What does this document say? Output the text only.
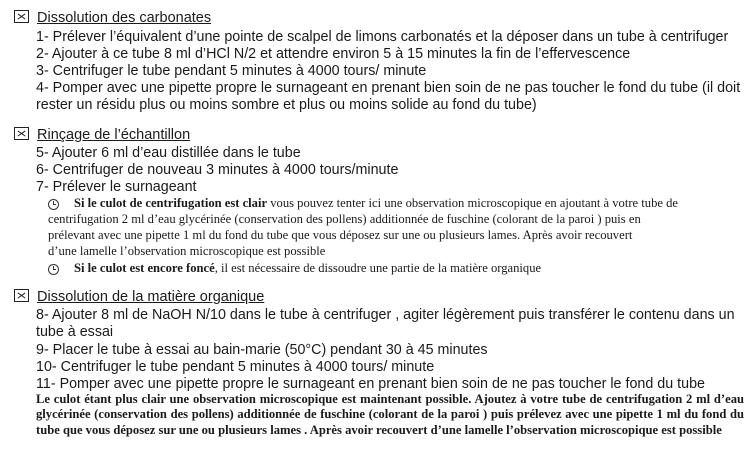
Dissolution des carbonates
1- Prélever l’équivalent d’une pointe de scalpel de limons carbonatés et la déposer dans un tube à centrifuger
2- Ajouter à ce tube 8 ml d’HCl N/2 et attendre environ 5 à 15 minutes la fin de l’effervescence
3- Centrifuger le tube pendant 5 minutes à 4000 tours/ minute
4- Pomper avec une pipette propre le surnageant en prenant bien soin de ne pas toucher le fond du tube (il doit
rester un résidu plus ou moins sombre et plus ou moins solide au fond du tube)
Rinçage de l’échantillon
5- Ajouter 6 ml d’eau distillée dans le tube
6- Centrifuger de nouveau 3 minutes à 4000 tours/minute
7- Prélever le surnageant
Si le culot de centrifugation est clair vous pouvez tenter ici une observation microscopique en ajoutant à votre tube de
centrifugation 2 ml d’eau glycérinée (conservation des pollens) additionnée de fuschine (colorant de la paroi ) puis en
prélevant avec une pipette 1 ml du fond du tube que vous déposez sur une ou plusieurs lames. Après avoir recouvert
d’une lamelle l’observation microscopique est possible
Si le culot est encore foncé, il est nécessaire de dissoudre une partie de la matière organique
Dissolution de la matière organique
8- Ajouter 8 ml de NaOH N/10 dans le tube à centrifuger , agiter légèrement puis transférer le contenu dans un
tube à essai
9- Placer le tube à essai au bain-marie (50°C) pendant 30 à 45 minutes
10- Centrifuger le tube pendant 5 minutes à 4000 tours/ minute
11- Pomper avec une pipette propre le surnageant en prenant bien soin de ne pas toucher le fond du tube
Le culot étant plus clair une observation microscopique est maintenant possible. Ajoutez à votre tube de centrifugation 2 ml d’eau glycérinée (conservation des pollens) additionnée de fuschine (colorant de la paroi ) puis prélevez avec une pipette 1 ml du fond du tube que vous déposez sur une ou plusieurs lames . Après avoir recouvert d’une lamelle l’observation microscopique est possible
